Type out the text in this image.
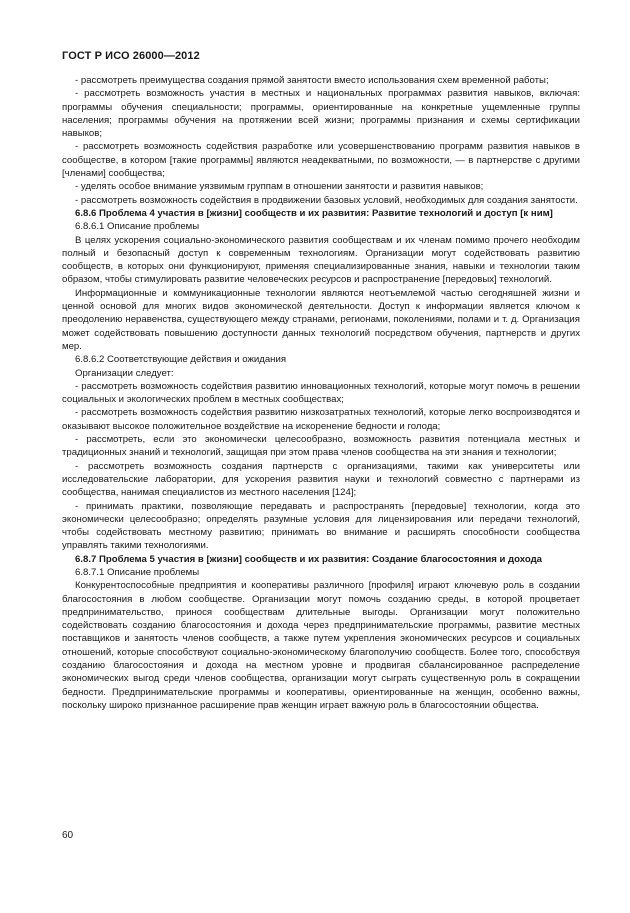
ГОСТ Р ИСО 26000—2012

- рассмотреть преимущества создания прямой занятости вместо использования схем временной работы;

- рассмотреть возможность участия в местных и национальных программах развития навыков, включая: программы обучения специальности; программы, ориентированные на конкретные ущемленные группы населения; программы обучения на протяжении всей жизни; программы признания и схемы сертификации навыков;

- рассмотреть возможность содействия разработке или усовершенствованию программ развития навыков в сообществе, в котором [такие программы] являются неадекватными, по возможности, — в партнерстве с другими [членами] сообщества;

- уделять особое внимание уязвимым группам в отношении занятости и развития навыков;

- рассмотреть возможность содействия в продвижении базовых условий, необходимых для создания занятости.

6.8.6 Проблема 4 участия в [жизни] сообществ и их развития: Развитие технологий и доступ [к ним]

6.8.6.1 Описание проблемы

В целях ускорения социально-экономического развития сообществам и их членам помимо прочего необходим полный и безопасный доступ к современным технологиям. Организации могут содействовать развитию сообществ, в которых они функционируют, применяя специализированные знания, навыки и технологии таким образом, чтобы стимулировать развитие человеческих ресурсов и распространение [передовых] технологий.

Информационные и коммуникационные технологии являются неотъемлемой частью сегодняшней жизни и ценной основой для многих видов экономической деятельности. Доступ к информации является ключом к преодолению неравенства, существующего между странами, регионами, поколениями, полами и т. д. Организация может содействовать повышению доступности данных технологий посредством обучения, партнерств и других мер.

6.8.6.2 Соответствующие действия и ожидания

Организации следует:

- рассмотреть возможность содействия развитию инновационных технологий, которые могут помочь в решении социальных и экологических проблем в местных сообществах;

- рассмотреть возможность содействия развитию низкозатратных технологий, которые легко воспроизводятся и оказывают высокое положительное воздействие на искоренение бедности и голода;

- рассмотреть, если это экономически целесообразно, возможность развития потенциала местных и традиционных знаний и технологий, защищая при этом права членов сообщества на эти знания и технологии;

- рассмотреть возможность создания партнерств с организациями, такими как университеты или исследовательские лаборатории, для ускорения развития науки и технологий совместно с партнерами из сообщества, нанимая специалистов из местного населения [124];

- принимать практики, позволяющие передавать и распространять [передовые] технологии, когда это экономически целесообразно; определять разумные условия для лицензирования или передачи технологий, чтобы содействовать местному развитию; принимать во внимание и расширять способности сообщества управлять такими технологиями.

6.8.7 Проблема 5 участия в [жизни] сообществ и их развития: Создание благосостояния и дохода

6.8.7.1 Описание проблемы

Конкурентоспособные предприятия и кооперативы различного [профиля] играют ключевую роль в создании благосостояния в любом сообществе. Организации могут помочь созданию среды, в которой процветает предпринимательство, принося сообществам длительные выгоды. Организации могут положительно содействовать созданию благосостояния и дохода через предпринимательские программы, развитие местных поставщиков и занятость членов сообществ, а также путем укрепления экономических ресурсов и социальных отношений, которые способствуют социально-экономическому благополучию сообществ. Более того, способствуя созданию благосостояния и дохода на местном уровне и продвигая сбалансированное распределение экономических выгод среди членов сообщества, организации могут сыграть существенную роль в сокращении бедности. Предпринимательские программы и кооперативы, ориентированные на женщин, особенно важны, поскольку широко признанное расширение прав женщин играет важную роль в благосостоянии общества.

60
